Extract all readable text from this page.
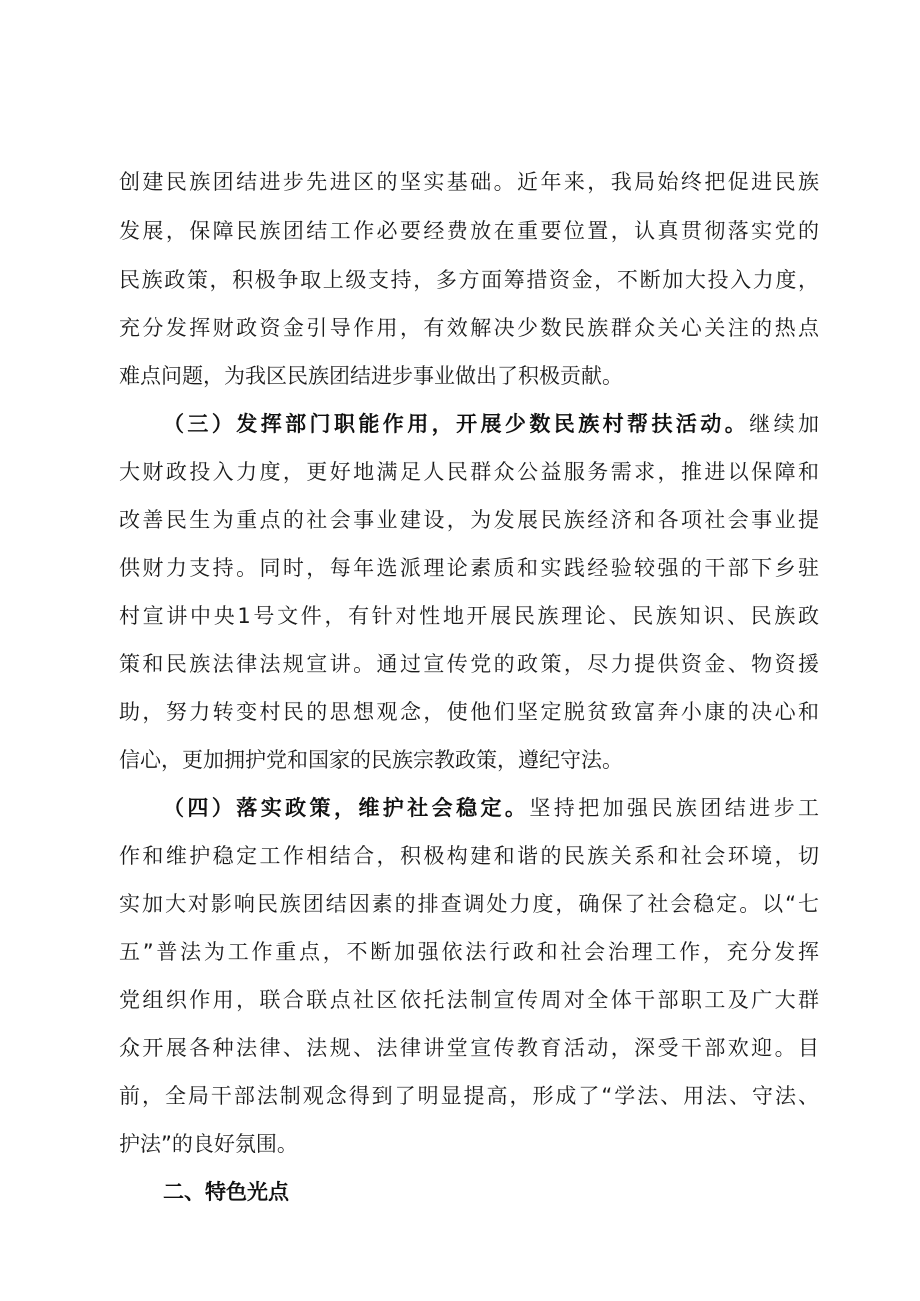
创建民族团结进步先进区的坚实基础。近年来，我局始终把促进民族
发展，保障民族团结工作必要经费放在重要位置，认真贯彻落实党的
民族政策，积极争取上级支持，多方面筹措资金，不断加大投入力度，
充分发挥财政资金引导作用，有效解决少数民族群众关心关注的热点
难点问题，为我区民族团结进步事业做出了积极贡献。
（三）发挥部门职能作用，开展少数民族村帮扶活动。继续加
大财政投入力度，更好地满足人民群众公益服务需求，推进以保障和
改善民生为重点的社会事业建设，为发展民族经济和各项社会事业提
供财力支持。同时，每年选派理论素质和实践经验较强的干部下乡驻
村宣讲中央1号文件，有针对性地开展民族理论、民族知识、民族政
策和民族法律法规宣讲。通过宣传党的政策，尽力提供资金、物资援
助，努力转变村民的思想观念，使他们坚定脱贫致富奔小康的决心和
信心，更加拥护党和国家的民族宗教政策，遵纪守法。
（四）落实政策，维护社会稳定。坚持把加强民族团结进步工
作和维护稳定工作相结合，积极构建和谐的民族关系和社会环境，切
实加大对影响民族团结因素的排查调处力度，确保了社会稳定。以“七
五”普法为工作重点，不断加强依法行政和社会治理工作，充分发挥
党组织作用，联合联点社区依托法制宣传周对全体干部职工及广大群
众开展各种法律、法规、法律讲堂宣传教育活动，深受干部欢迎。目
前，全局干部法制观念得到了明显提高，形成了“学法、用法、守法、
护法”的良好氛围。
二、特色光点
